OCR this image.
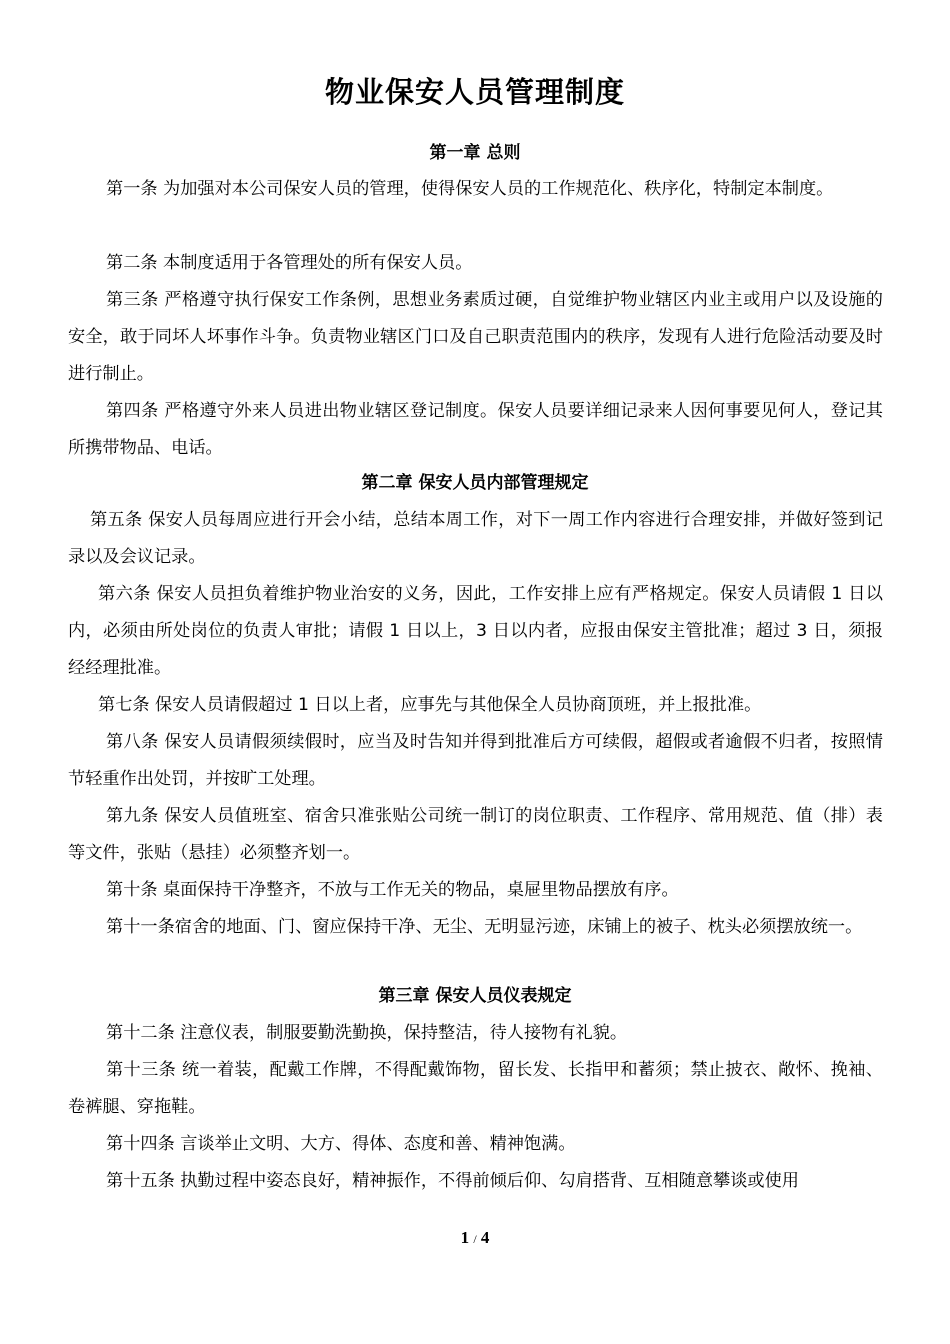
物业保安人员管理制度
第一章 总则

第一条 为加强对本公司保安人员的管理，使得保安人员的工作规范化、秩序化，特制定本制度。

第二条 本制度适用于各管理处的所有保安人员。

第三条 严格遵守执行保安工作条例，思想业务素质过硬，自觉维护物业辖区内业主或用户以及设施的安全，敢于同坏人坏事作斗争。负责物业辖区门口及自己职责范围内的秩序，发现有人进行危险活动要及时进行制止。

第四条 严格遵守外来人员进出物业辖区登记制度。保安人员要详细记录来人因何事要见何人，登记其所携带物品、电话。

第二章 保安人员内部管理规定

第五条 保安人员每周应进行开会小结，总结本周工作，对下一周工作内容进行合理安排，并做好签到记录以及会议记录。

第六条 保安人员担负着维护物业治安的义务，因此，工作安排上应有严格规定。保安人员请假 1 日以内，必须由所处岗位的负责人审批；请假 1 日以上，3 日以内者，应报由保安主管批准；超过 3 日，须报经经理批准。

第七条 保安人员请假超过 1 日以上者，应事先与其他保全人员协商顶班，并上报批准。

第八条 保安人员请假须续假时，应当及时告知并得到批准后方可续假，超假或者逾假不归者，按照情节轻重作出处罚，并按旷工处理。

第九条 保安人员值班室、宿舍只准张贴公司统一制订的岗位职责、工作程序、常用规范、值（排）表等文件，张贴（悬挂）必须整齐划一。

第十条 桌面保持干净整齐，不放与工作无关的物品，桌屉里物品摆放有序。

第十一条宿舍的地面、门、窗应保持干净、无尘、无明显污迹，床铺上的被子、枕头必须摆放统一。

第三章 保安人员仪表规定

第十二条 注意仪表，制服要勤洗勤换，保持整洁，待人接物有礼貌。

第十三条 统一着装，配戴工作牌，不得配戴饰物，留长发、长指甲和蓄须；禁止披衣、敞怀、挽袖、卷裤腿、穿拖鞋。

第十四条 言谈举止文明、大方、得体、态度和善、精神饱满。

第十五条 执勤过程中姿态良好，精神振作，不得前倾后仰、勾肩搭背、互相随意攀谈或使用

1 / 4
